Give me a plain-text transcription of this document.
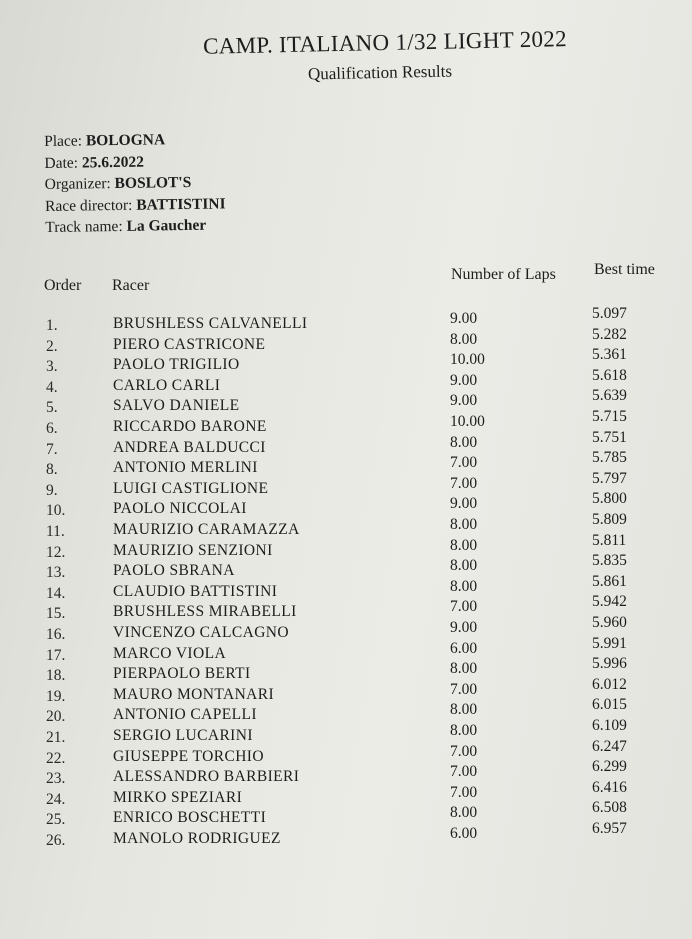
CAMP. ITALIANO 1/32 LIGHT 2022
Qualification Results
Place: BOLOGNA
Date: 25.6.2022
Organizer: BOSLOT'S
Race director: BATTISTINI
Track name: La Gaucher
Order Racer
Number of Laps Best time
1.	BRUSHLESS CALVANELLI	9.00	5.097
2.	PIERO CASTRICONE	8.00	5.282
3.	PAOLO TRIGILIO	10.00	5.361
4.	CARLO CARLI	9.00	5.618
5.	SALVO DANIELE	9.00	5.639
6.	RICCARDO BARONE	10.00	5.715
7.	ANDREA BALDUCCI	8.00	5.751
8.	ANTONIO MERLINI	7.00	5.785
9.	LUIGI CASTIGLIONE	7.00	5.797
10.	PAOLO NICCOLAI	9.00	5.800
11.	MAURIZIO CARAMAZZA	8.00	5.809
12.	MAURIZIO SENZIONI	8.00	5.811
13.	PAOLO SBRANA	8.00	5.835
14.	CLAUDIO BATTISTINI	8.00	5.861
15.	BRUSHLESS MIRABELLI	7.00	5.942
16.	VINCENZO CALCAGNO	9.00	5.960
17.	MARCO VIOLA	6.00	5.991
18.	PIERPAOLO BERTI	8.00	5.996
19.	MAURO MONTANARI	7.00	6.012
20.	ANTONIO CAPELLI	8.00	6.015
21.	SERGIO LUCARINI	8.00	6.109
22.	GIUSEPPE TORCHIO	7.00	6.247
23.	ALESSANDRO BARBIERI	7.00	6.299
24.	MIRKO SPEZIARI	7.00	6.416
25.	ENRICO BOSCHETTI	8.00	6.508
26.	MANOLO RODRIGUEZ	6.00	6.957
